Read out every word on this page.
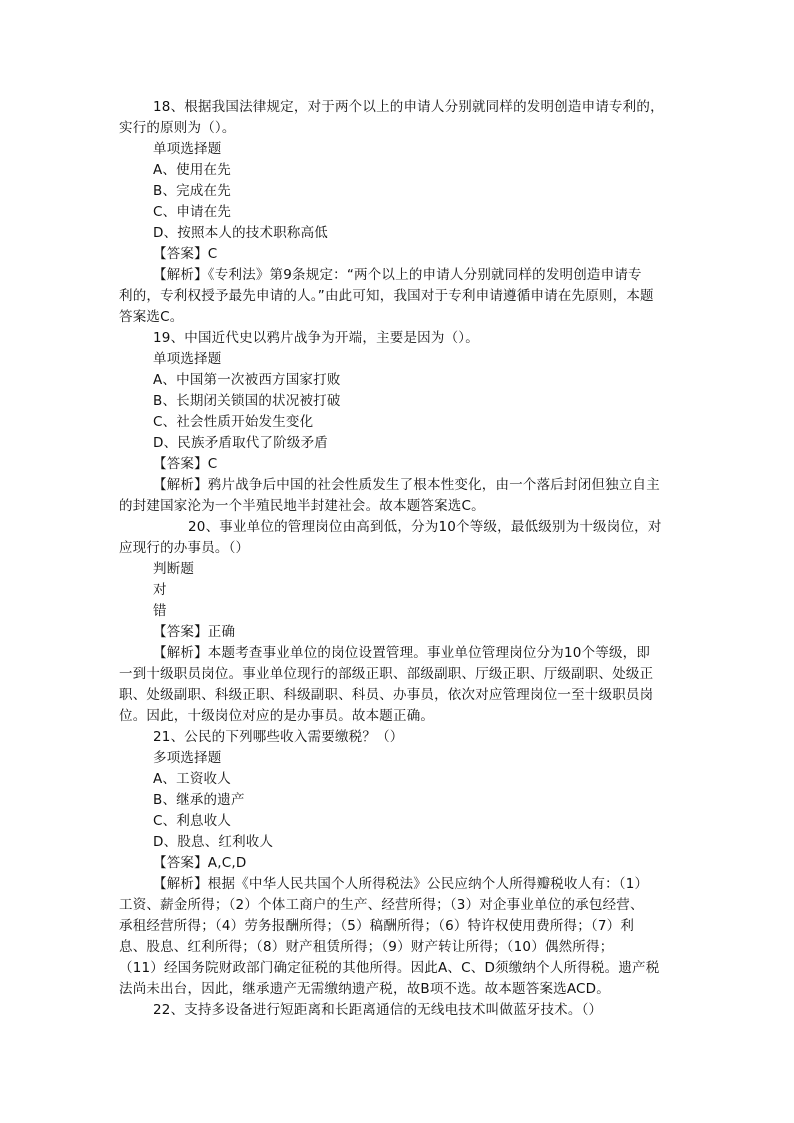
18、根据我国法律规定，对于两个以上的申请人分别就同样的发明创造申请专利的，
实行的原则为（）。
单项选择题
A、使用在先
B、完成在先
C、申请在先
D、按照本人的技术职称高低
【答案】C
【解析】《专利法》第9条规定：“两个以上的申请人分别就同样的发明创造申请专
利的，专利权授予最先申请的人。”由此可知，我国对于专利申请遵循申请在先原则，本题
答案选C。
19、中国近代史以鸦片战争为开端，主要是因为（）。
单项选择题
A、中国第一次被西方国家打败
B、长期闭关锁国的状况被打破
C、社会性质开始发生变化
D、民族矛盾取代了阶级矛盾
【答案】C
【解析】鸦片战争后中国的社会性质发生了根本性变化，由一个落后封闭但独立自主
的封建国家沦为一个半殖民地半封建社会。故本题答案选C。
20、事业单位的管理岗位由高到低，分为10个等级，最低级别为十级岗位，对
应现行的办事员。（）
判断题
对
错
【答案】正确
【解析】本题考查事业单位的岗位设置管理。事业单位管理岗位分为10个等级，即
一到十级职员岗位。事业单位现行的部级正职、部级副职、厅级正职、厅级副职、处级正
职、处级副职、科级正职、科级副职、科员、办事员，依次对应管理岗位一至十级职员岗
位。因此，十级岗位对应的是办事员。故本题正确。
21、公民的下列哪些收入需要缴税？（）
多项选择题
A、工资收人
B、继承的遗产
C、利息收人
D、股息、红利收人
【答案】A,C,D
【解析】根据《中华人民共国个人所得税法》公民应纳个人所得瓣税收人有：（1）
工资、薪金所得；（2）个体工商户的生产、经营所得；（3）对企事业单位的承包经营、
承租经营所得；（4）劳务报酬所得；（5）稿酬所得；（6）特许权使用费所得；（7）利
息、股息、红利所得；（8）财产租赁所得；（9）财产转让所得；（10）偶然所得；
（11）经国务院财政部门确定征税的其他所得。因此A、C、D须缴纳个人所得税。遗产税
法尚未出台，因此，继承遗产无需缴纳遗产税，故B项不选。故本题答案选ACD。
22、支持多设备进行短距离和长距离通信的无线电技术叫做蓝牙技术。（）
